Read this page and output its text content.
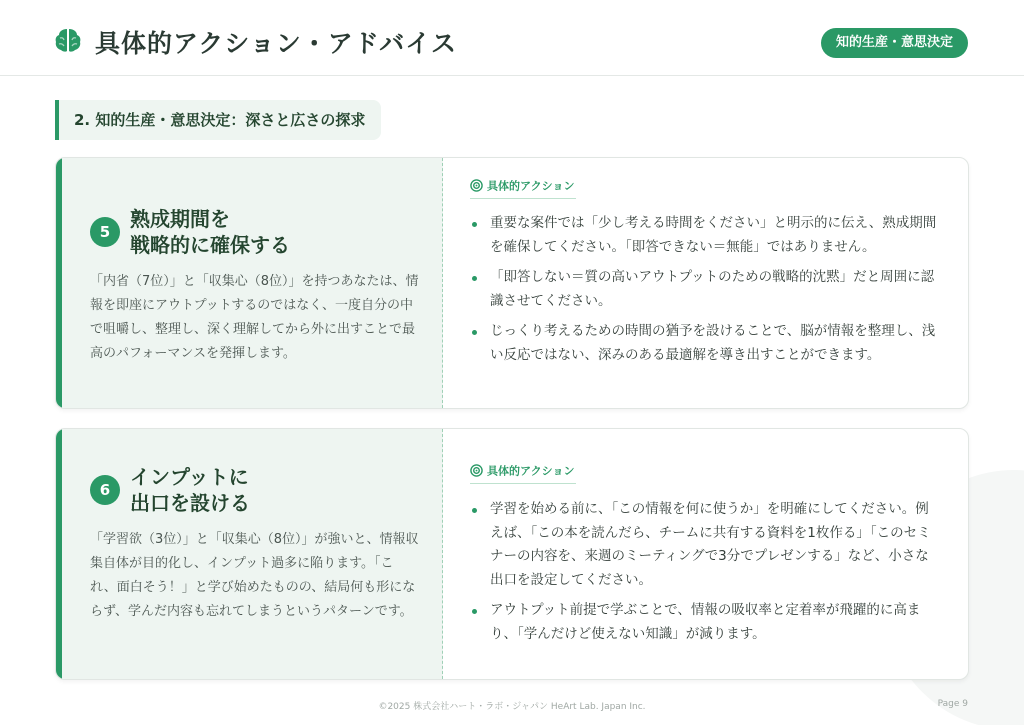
具体的アクション・アドバイス	知的生産・意思決定
2. 知的生産・意思決定：深さと広さの探求
5
熟成期間を
戦略的に確保する
「内省（7位）」と「収集心（8位）」を持つあなたは、情報を即座にアウトプットするのではなく、一度自分の中で咀嚼し、整理し、深く理解してから外に出すことで最高のパフォーマンスを発揮します。
具体的アクション
重要な案件では「少し考える時間をください」と明示的に伝え、熟成期間を確保してください。「即答できない＝無能」ではありません。
「即答しない＝質の高いアウトプットのための戦略的沈黙」だと周囲に認識させてください。
じっくり考えるための時間の猶予を設けることで、脳が情報を整理し、浅い反応ではない、深みのある最適解を導き出すことができます。
6
インプットに
出口を設ける
「学習欲（3位）」と「収集心（8位）」が強いと、情報収集自体が目的化し、インプット過多に陥ります。「これ、面白そう！」と学び始めたものの、結局何も形にならず、学んだ内容も忘れてしまうというパターンです。
具体的アクション
学習を始める前に、「この情報を何に使うか」を明確にしてください。例えば、「この本を読んだら、チームに共有する資料を1枚作る」「このセミナーの内容を、来週のミーティングで3分でプレゼンする」など、小さな出口を設定してください。
アウトプット前提で学ぶことで、情報の吸収率と定着率が飛躍的に高まり、「学んだけど使えない知識」が減ります。
©2025 株式会社ハート・ラボ・ジャパン HeArt Lab. Japan Inc.	Page 9
